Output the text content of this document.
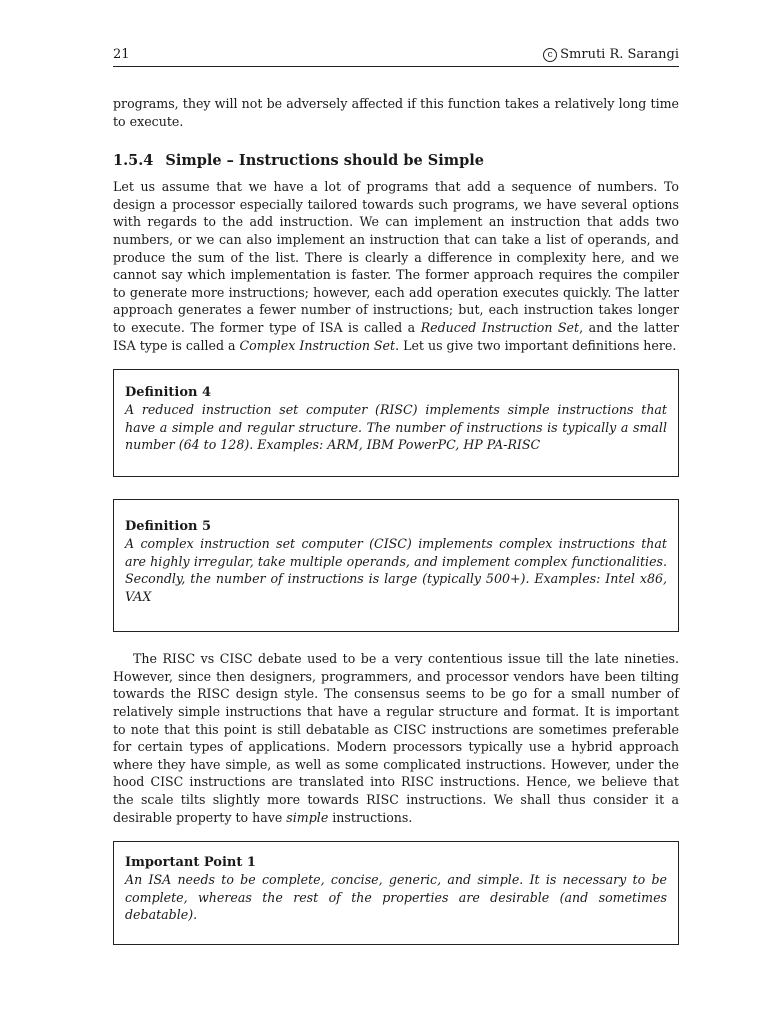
21	c Smruti R. Sarangi

programs, they will not be adversely affected if this function takes a relatively long time to execute.

1.5.4 Simple – Instructions should be Simple

Let us assume that we have a lot of programs that add a sequence of numbers. To design a processor especially tailored towards such programs, we have several options with regards to the add instruction. We can implement an instruction that adds two numbers, or we can also implement an instruction that can take a list of operands, and produce the sum of the list. There is clearly a difference in complexity here, and we cannot say which implementation is faster. The former approach requires the compiler to generate more instructions; however, each add operation executes quickly. The latter approach generates a fewer number of instructions; but, each instruction takes longer to execute. The former type of ISA is called a Reduced Instruction Set, and the latter ISA type is called a Complex Instruction Set. Let us give two important definitions here.

Definition 4
A reduced instruction set computer (RISC) implements simple instructions that have a simple and regular structure. The number of instructions is typically a small number (64 to 128). Examples: ARM, IBM PowerPC, HP PA-RISC
Definition 5
A complex instruction set computer (CISC) implements complex instructions that are highly irregular, take multiple operands, and implement complex functionalities. Secondly, the number of instructions is large (typically 500+). Examples: Intel x86, VAX

The RISC vs CISC debate used to be a very contentious issue till the late nineties. However, since then designers, programmers, and processor vendors have been tilting towards the RISC design style. The consensus seems to be go for a small number of relatively simple instructions that have a regular structure and format. It is important to note that this point is still debatable as CISC instructions are sometimes preferable for certain types of applications. Modern processors typically use a hybrid approach where they have simple, as well as some complicated instructions. However, under the hood CISC instructions are translated into RISC instructions. Hence, we believe that the scale tilts slightly more towards RISC instructions. We shall thus consider it a desirable property to have simple instructions.

Important Point 1
An ISA needs to be complete, concise, generic, and simple. It is necessary to be complete, whereas the rest of the properties are desirable (and sometimes debatable).
